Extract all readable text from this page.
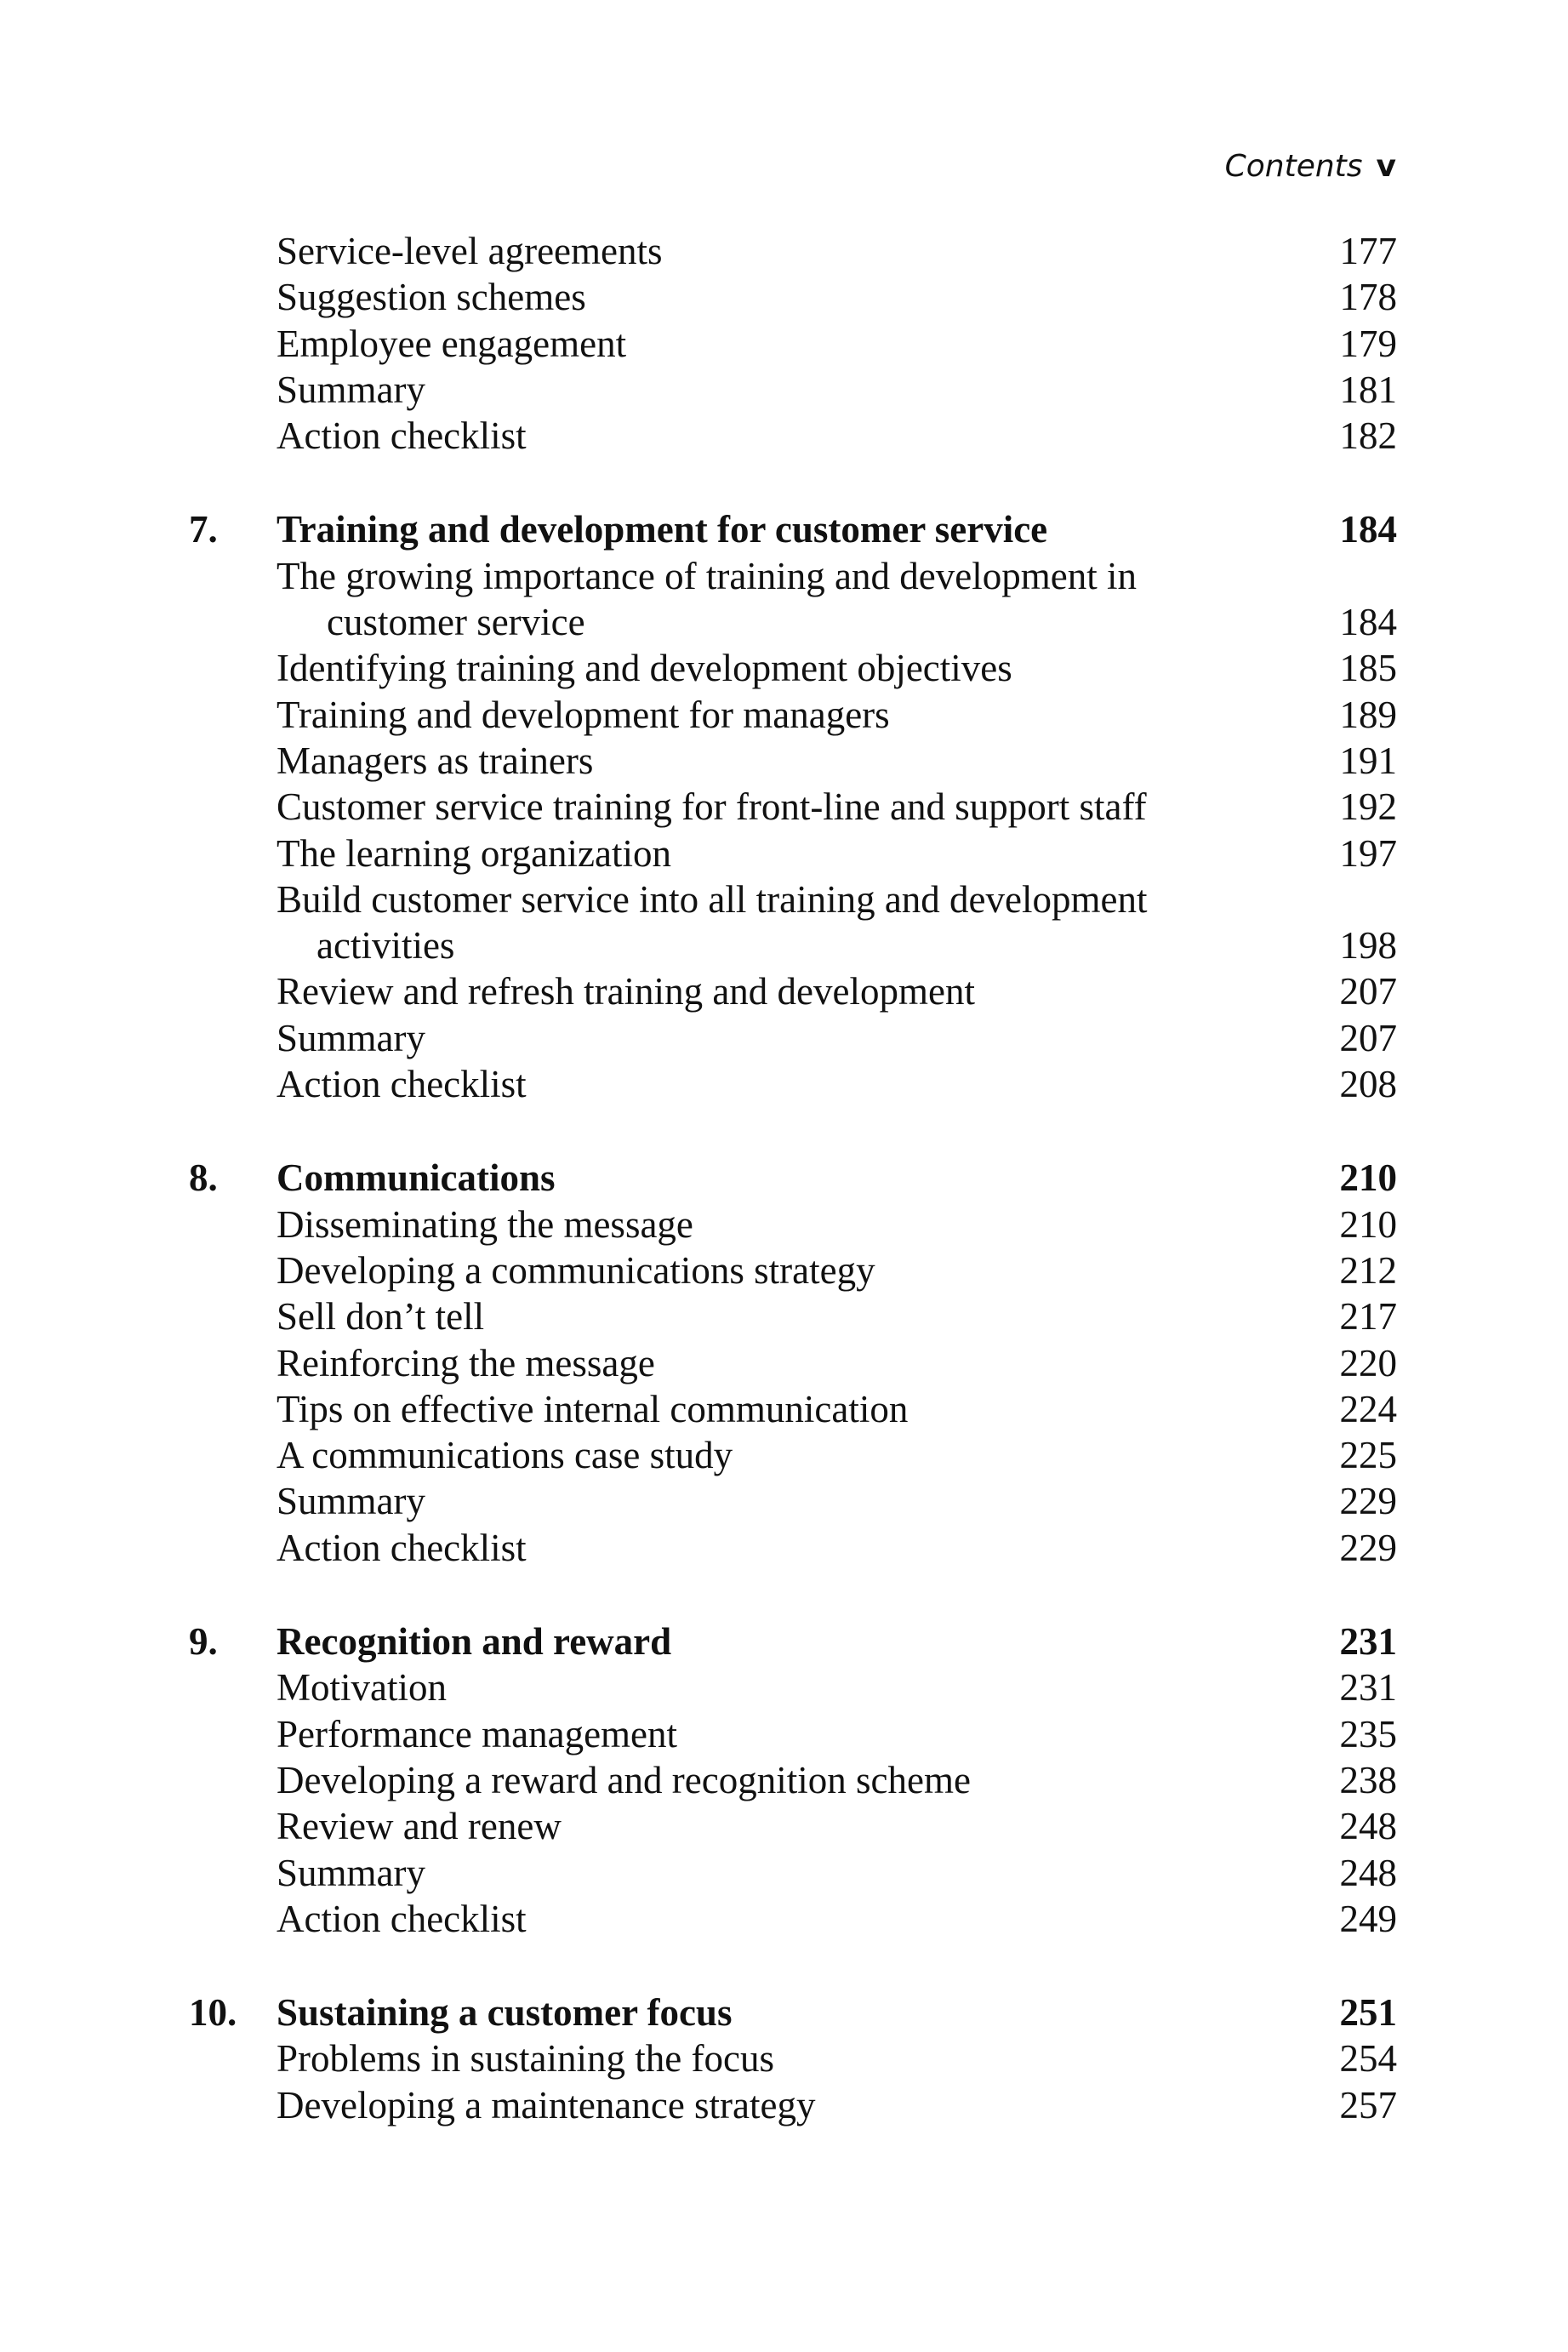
Contents v
Service-level agreements	177
Suggestion schemes	178
Employee engagement	179
Summary	181
Action checklist	182
7. Training and development for customer service	184
The growing importance of training and development in
customer service	184
Identifying training and development objectives	185
Training and development for managers	189
Managers as trainers	191
Customer service training for front-line and support staff	192
The learning organization	197
Build customer service into all training and development
activities	198
Review and refresh training and development	207
Summary	207
Action checklist	208
8. Communications	210
Disseminating the message	210
Developing a communications strategy	212
Sell don’t tell	217
Reinforcing the message	220
Tips on effective internal communication	224
A communications case study	225
Summary	229
Action checklist	229
9. Recognition and reward	231
Motivation	231
Performance management	235
Developing a reward and recognition scheme	238
Review and renew	248
Summary	248
Action checklist	249
10. Sustaining a customer focus	251
Problems in sustaining the focus	254
Developing a maintenance strategy	257
